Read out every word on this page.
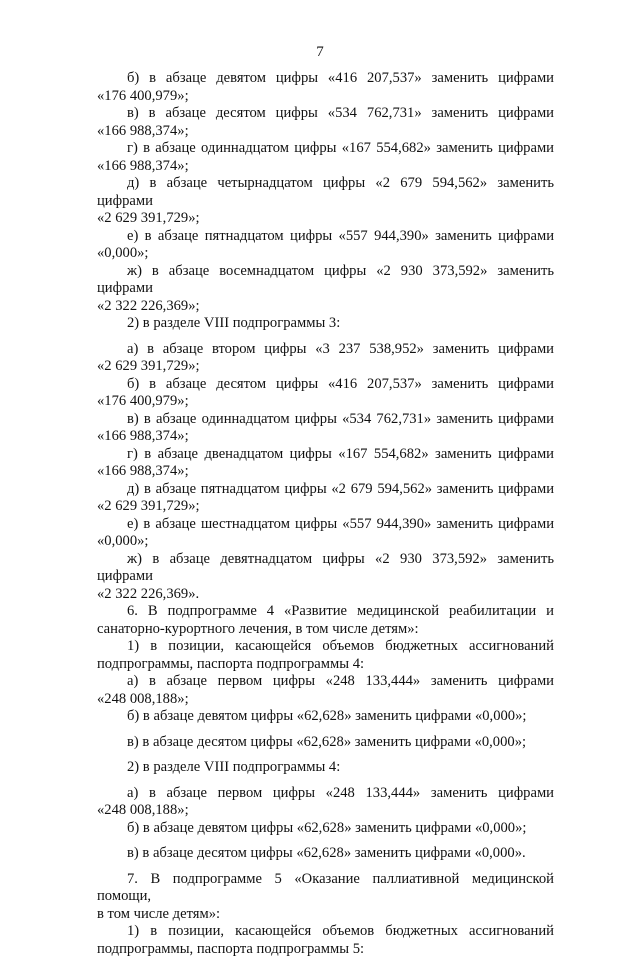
7

б) в абзаце девятом цифры «416 207,537» заменить цифрами

«176 400,979»;

в) в абзаце десятом цифры «534 762,731» заменить цифрами

«166 988,374»;

г) в абзаце одиннадцатом цифры «167 554,682» заменить цифрами

«166 988,374»;

д) в абзаце четырнадцатом цифры «2 679 594,562» заменить цифрами

«2 629 391,729»;

е) в абзаце пятнадцатом цифры «557 944,390» заменить цифрами

«0,000»;

ж) в абзаце восемнадцатом цифры «2 930 373,592» заменить цифрами

«2 322 226,369»;

2) в разделе VIII подпрограммы 3:

а) в абзаце втором цифры «3 237 538,952» заменить цифрами

«2 629 391,729»;

б) в абзаце десятом цифры «416 207,537» заменить цифрами

«176 400,979»;

в) в абзаце одиннадцатом цифры «534 762,731» заменить цифрами

«166 988,374»;

г) в абзаце двенадцатом цифры «167 554,682» заменить цифрами

«166 988,374»;

д) в абзаце пятнадцатом цифры «2 679 594,562» заменить цифрами

«2 629 391,729»;

е) в абзаце шестнадцатом цифры «557 944,390» заменить цифрами

«0,000»;

ж) в абзаце девятнадцатом цифры «2 930 373,592» заменить цифрами

«2 322 226,369».

6. В подпрограмме 4 «Развитие медицинской реабилитации и

санаторно-курортного лечения, в том числе детям»:

1) в позиции, касающейся объемов бюджетных ассигнований

подпрограммы, паспорта подпрограммы 4:

а) в абзаце первом цифры «248 133,444» заменить цифрами

«248 008,188»;

б) в абзаце девятом цифры «62,628» заменить цифрами «0,000»;

в) в абзаце десятом цифры «62,628» заменить цифрами «0,000»;

2) в разделе VIII подпрограммы 4:

а) в абзаце первом цифры «248 133,444» заменить цифрами

«248 008,188»;

б) в абзаце девятом цифры «62,628» заменить цифрами «0,000»;

в) в абзаце десятом цифры «62,628» заменить цифрами «0,000».

7. В подпрограмме 5 «Оказание паллиативной медицинской помощи,

в том числе детям»:

1) в позиции, касающейся объемов бюджетных ассигнований

подпрограммы, паспорта подпрограммы 5:
